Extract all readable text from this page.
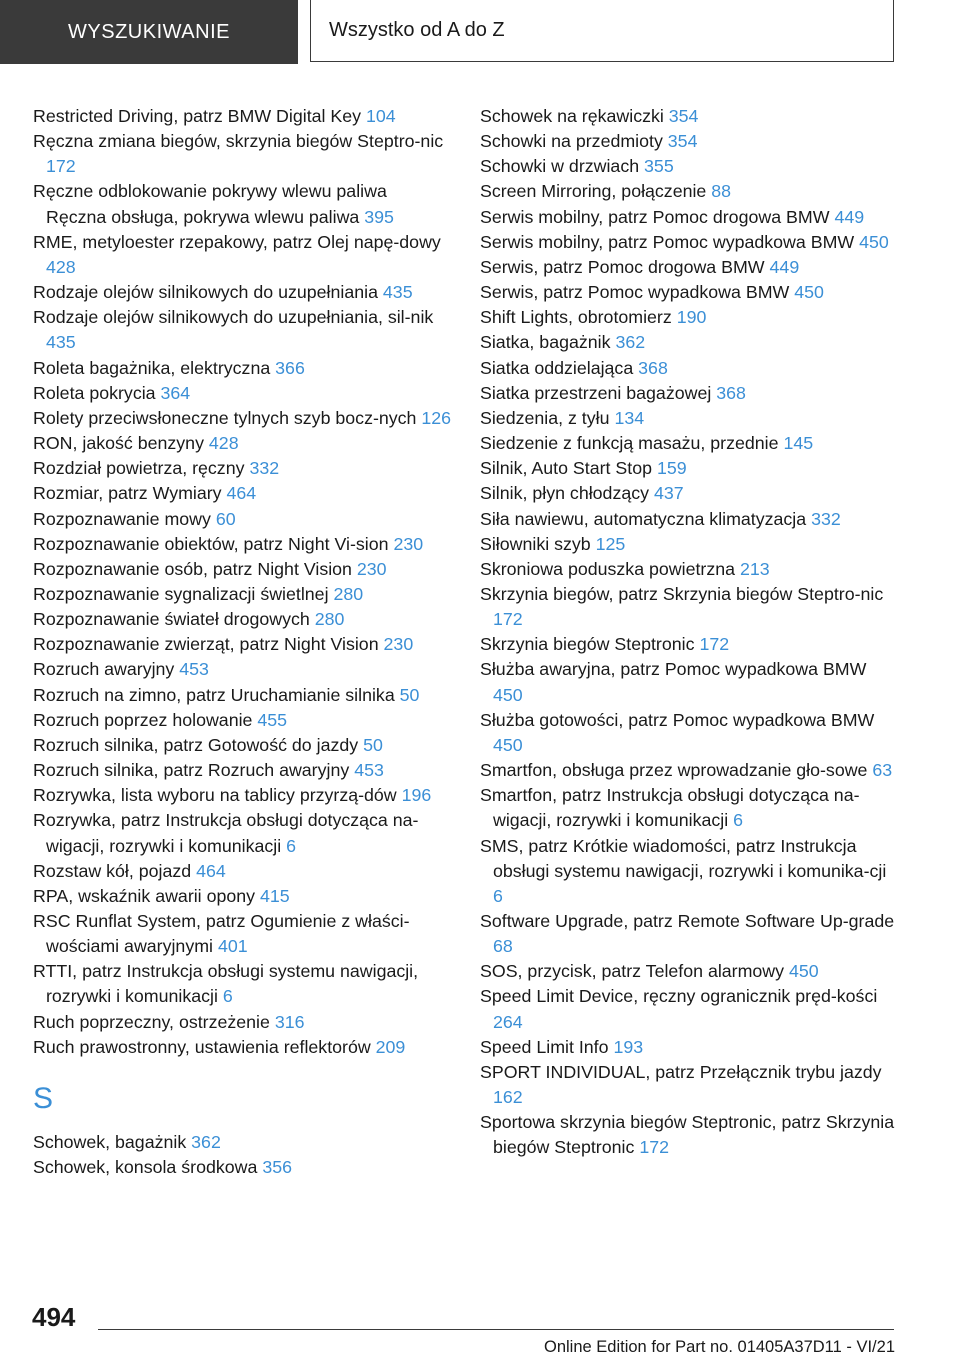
WYSZUKIWANIE	Wszystko od A do Z
Restricted Driving, patrz BMW Digital Key 104
Ręczna zmiana biegów, skrzynia biegów Steptro-nic 172
Ręczne odblokowanie pokrywy wlewu paliwa
Ręczna obsługa, pokrywa wlewu paliwa 395
RME, metyloester rzepakowy, patrz Olej napę-dowy 428
Rodzaje olejów silnikowych do uzupełniania 435
Rodzaje olejów silnikowych do uzupełniania, sil-nik 435
Roleta bagażnika, elektryczna 366
Roleta pokrycia 364
Rolety przeciwsłoneczne tylnych szyb bocz-nych 126
RON, jakość benzyny 428
Rozdział powietrza, ręczny 332
Rozmiar, patrz Wymiary 464
Rozpoznawanie mowy 60
Rozpoznawanie obiektów, patrz Night Vi-sion 230
Rozpoznawanie osób, patrz Night Vision 230
Rozpoznawanie sygnalizacji świetlnej 280
Rozpoznawanie świateł drogowych 280
Rozpoznawanie zwierząt, patrz Night Vision 230
Rozruch awaryjny 453
Rozruch na zimno, patrz Uruchamianie silnika 50
Rozruch poprzez holowanie 455
Rozruch silnika, patrz Gotowość do jazdy 50
Rozruch silnika, patrz Rozruch awaryjny 453
Rozrywka, lista wyboru na tablicy przyrzą-dów 196
Rozrywka, patrz Instrukcja obsługi dotycząca na-wigacji, rozrywki i komunikacji 6
Rozstaw kół, pojazd 464
RPA, wskaźnik awarii opony 415
RSC Runflat System, patrz Ogumienie z właści-wościami awaryjnymi 401
RTTI, patrz Instrukcja obsługi systemu nawigacji, rozrywki i komunikacji 6
Ruch poprzeczny, ostrzeżenie 316
Ruch prawostronny, ustawienia reflektorów 209
S
Schowek, bagażnik 362
Schowek, konsola środkowa 356
Schowek na rękawiczki 354
Schowki na przedmioty 354
Schowki w drzwiach 355
Screen Mirroring, połączenie 88
Serwis mobilny, patrz Pomoc drogowa BMW 449
Serwis mobilny, patrz Pomoc wypadkowa BMW 450
Serwis, patrz Pomoc drogowa BMW 449
Serwis, patrz Pomoc wypadkowa BMW 450
Shift Lights, obrotomierz 190
Siatka, bagażnik 362
Siatka oddzielająca 368
Siatka przestrzeni bagażowej 368
Siedzenia, z tyłu 134
Siedzenie z funkcją masażu, przednie 145
Silnik, Auto Start Stop 159
Silnik, płyn chłodzący 437
Siła nawiewu, automatyczna klimatyzacja 332
Siłowniki szyb 125
Skroniowa poduszka powietrzna 213
Skrzynia biegów, patrz Skrzynia biegów Steptro-nic 172
Skrzynia biegów Steptronic 172
Służba awaryjna, patrz Pomoc wypadkowa BMW 450
Służba gotowości, patrz Pomoc wypadkowa BMW 450
Smartfon, obsługa przez wprowadzanie gło-sowe 63
Smartfon, patrz Instrukcja obsługi dotycząca na-wigacji, rozrywki i komunikacji 6
SMS, patrz Krótkie wiadomości, patrz Instrukcja obsługi systemu nawigacji, rozrywki i komunika-cji 6
Software Upgrade, patrz Remote Software Up-grade 68
SOS, przycisk, patrz Telefon alarmowy 450
Speed Limit Device, ręczny ogranicznik pręd-kości 264
Speed Limit Info 193
SPORT INDIVIDUAL, patrz Przełącznik trybu jazdy 162
Sportowa skrzynia biegów Steptronic, patrz Skrzynia biegów Steptronic 172
494
Online Edition for Part no. 01405A37D11 - VI/21
